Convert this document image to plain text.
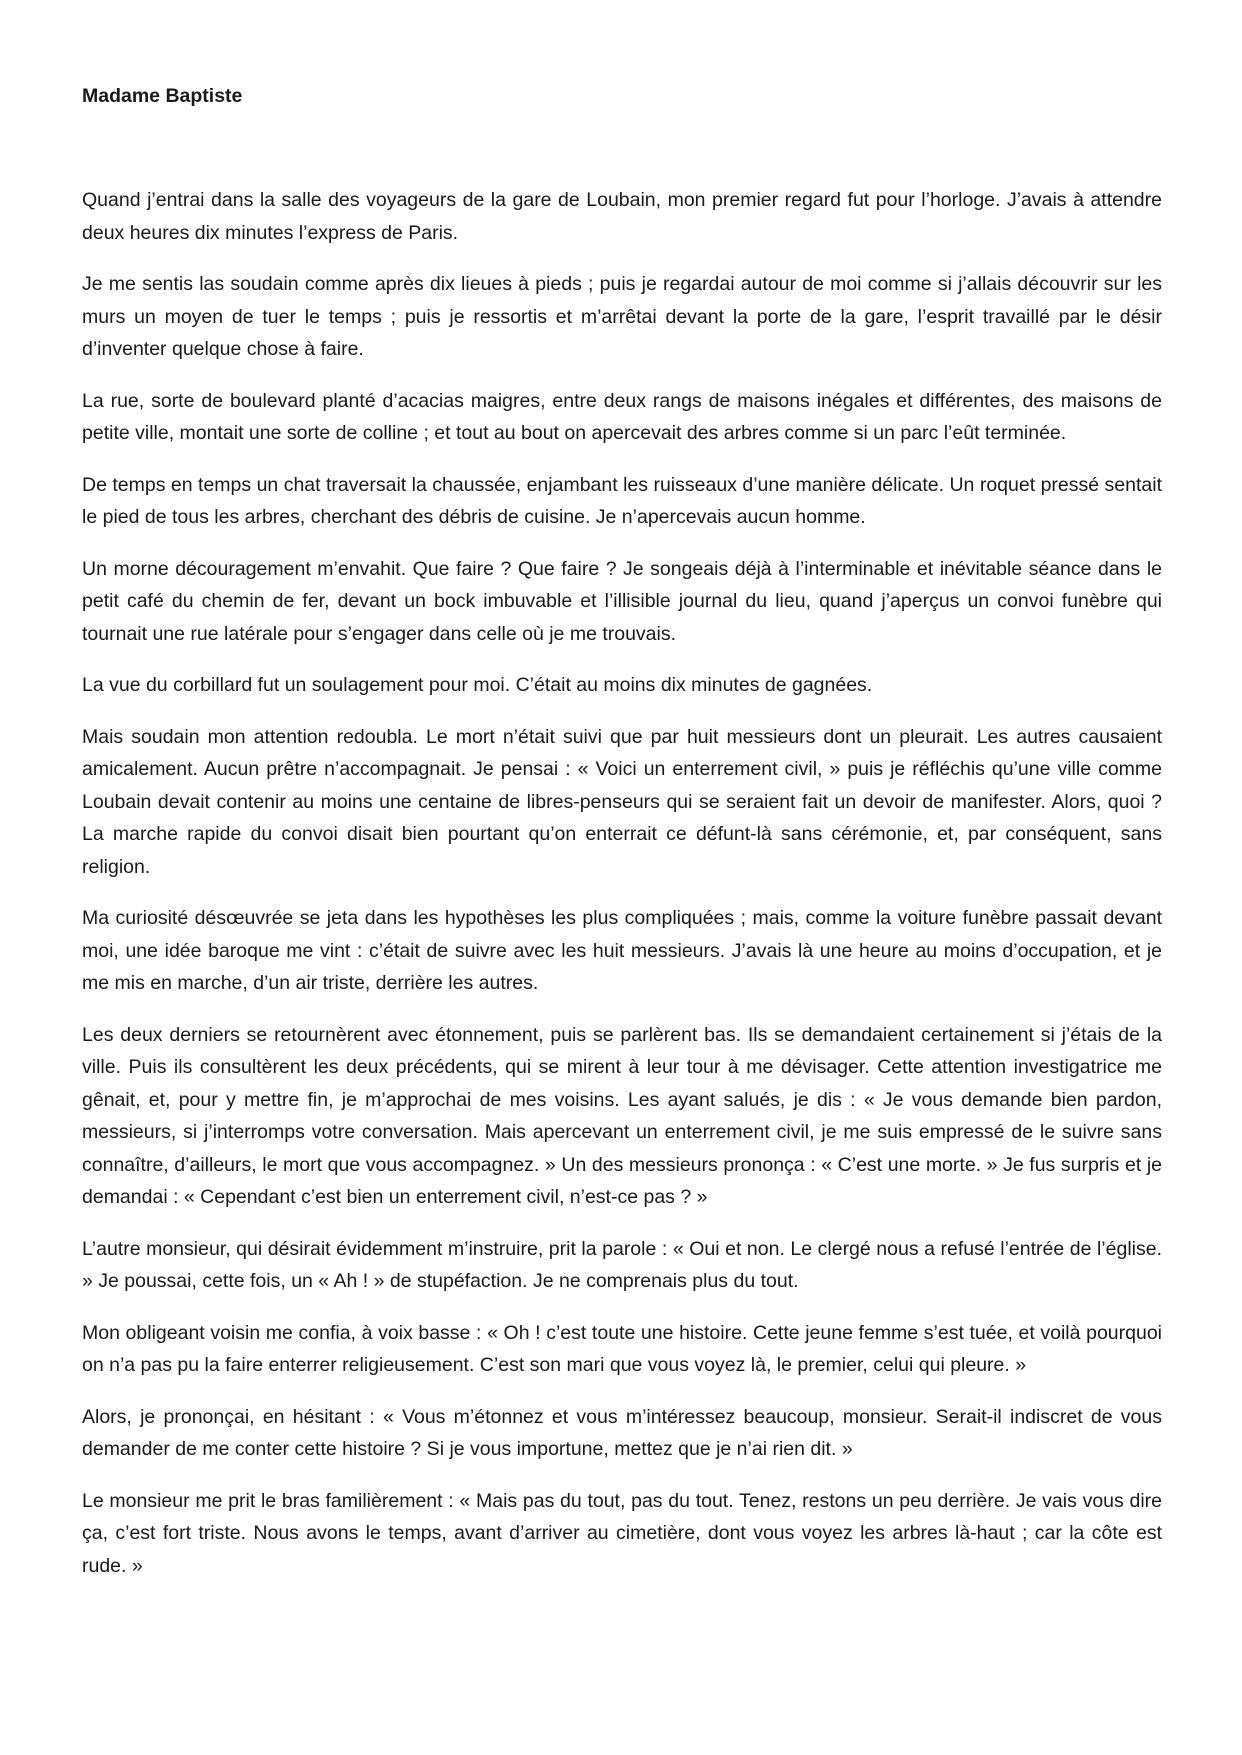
Madame Baptiste

Quand j’entrai dans la salle des voyageurs de la gare de Loubain, mon premier regard fut pour l’horloge. J’avais à attendre deux heures dix minutes l’express de Paris.

Je me sentis las soudain comme après dix lieues à pieds ; puis je regardai autour de moi comme si j’allais découvrir sur les murs un moyen de tuer le temps ; puis je ressortis et m’arrêtai devant la porte de la gare, l’esprit travaillé par le désir d’inventer quelque chose à faire.

La rue, sorte de boulevard planté d’acacias maigres, entre deux rangs de maisons inégales et différentes, des maisons de petite ville, montait une sorte de colline ; et tout au bout on apercevait des arbres comme si un parc l’eût terminée.

De temps en temps un chat traversait la chaussée, enjambant les ruisseaux d’une manière délicate. Un roquet pressé sentait le pied de tous les arbres, cherchant des débris de cuisine. Je n’apercevais aucun homme.

Un morne découragement m’envahit. Que faire ? Que faire ? Je songeais déjà à l’interminable et inévitable séance dans le petit café du chemin de fer, devant un bock imbuvable et l’illisible journal du lieu, quand j’aperçus un convoi funèbre qui tournait une rue latérale pour s’engager dans celle où je me trouvais.

La vue du corbillard fut un soulagement pour moi. C’était au moins dix minutes de gagnées.

Mais soudain mon attention redoubla. Le mort n’était suivi que par huit messieurs dont un pleurait. Les autres causaient amicalement. Aucun prêtre n’accompagnait. Je pensai : « Voici un enterrement civil, » puis je réfléchis qu’une ville comme Loubain devait contenir au moins une centaine de libres-penseurs qui se seraient fait un devoir de manifester. Alors, quoi ? La marche rapide du convoi disait bien pourtant qu’on enterrait ce défunt-là sans cérémonie, et, par conséquent, sans religion.

Ma curiosité désœuvrée se jeta dans les hypothèses les plus compliquées ; mais, comme la voiture funèbre passait devant moi, une idée baroque me vint : c’était de suivre avec les huit messieurs. J’avais là une heure au moins d’occupation, et je me mis en marche, d’un air triste, derrière les autres.

Les deux derniers se retournèrent avec étonnement, puis se parlèrent bas. Ils se demandaient certainement si j’étais de la ville. Puis ils consultèrent les deux précédents, qui se mirent à leur tour à me dévisager. Cette attention investigatrice me gênait, et, pour y mettre fin, je m’approchai de mes voisins. Les ayant salués, je dis : « Je vous demande bien pardon, messieurs, si j’interromps votre conversation. Mais apercevant un enterrement civil, je me suis empressé de le suivre sans connaître, d’ailleurs, le mort que vous accompagnez. » Un des messieurs prononça : « C’est une morte. » Je fus surpris et je demandai : « Cependant c’est bien un enterrement civil, n’est-ce pas ? »

L’autre monsieur, qui désirait évidemment m’instruire, prit la parole : « Oui et non. Le clergé nous a refusé l’entrée de l’église. » Je poussai, cette fois, un « Ah ! » de stupéfaction. Je ne comprenais plus du tout.

Mon obligeant voisin me confia, à voix basse : « Oh ! c’est toute une histoire. Cette jeune femme s’est tuée, et voilà pourquoi on n’a pas pu la faire enterrer religieusement. C’est son mari que vous voyez là, le premier, celui qui pleure. »

Alors, je prononçai, en hésitant : « Vous m’étonnez et vous m’intéressez beaucoup, monsieur. Serait-il indiscret de vous demander de me conter cette histoire ? Si je vous importune, mettez que je n’ai rien dit. »

Le monsieur me prit le bras familièrement : « Mais pas du tout, pas du tout. Tenez, restons un peu derrière. Je vais vous dire ça, c’est fort triste. Nous avons le temps, avant d’arriver au cimetière, dont vous voyez les arbres là-haut ; car la côte est rude. »
